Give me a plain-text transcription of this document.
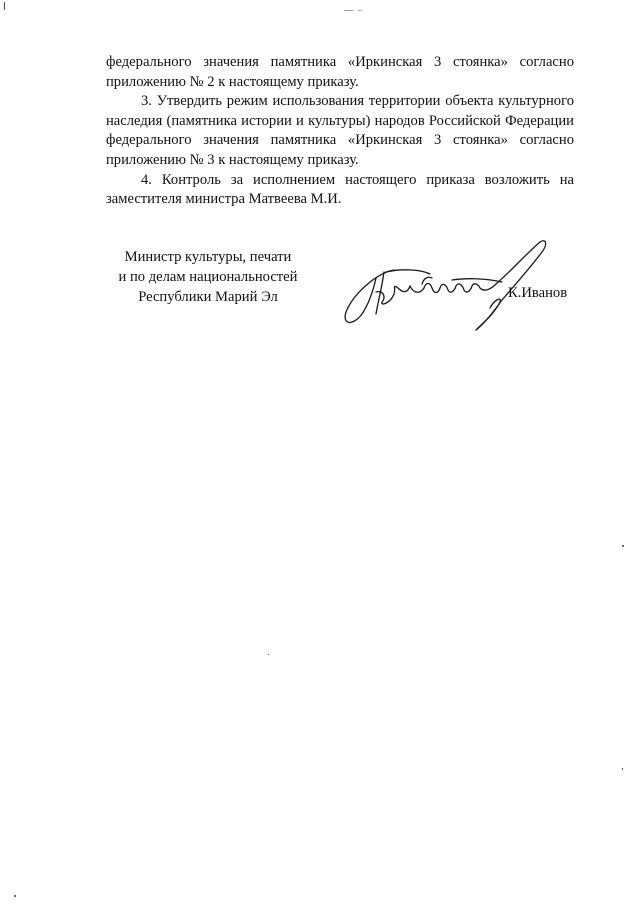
— −

федерального значения памятника «Иркинская 3 стоянка» согласно приложению № 2 к настоящему приказу.

3. Утвердить режим использования территории объекта культурного наследия (памятника истории и культуры) народов Российской Федерации федерального значения памятника «Иркинская 3 стоянка» согласно приложению № 3 к настоящему приказу.

4. Контроль за исполнением настоящего приказа возложить на заместителя министра Матвеева М.И.

Министр культуры, печати
и по делам национальностей
Республики Марий Эл	К.Иванов
